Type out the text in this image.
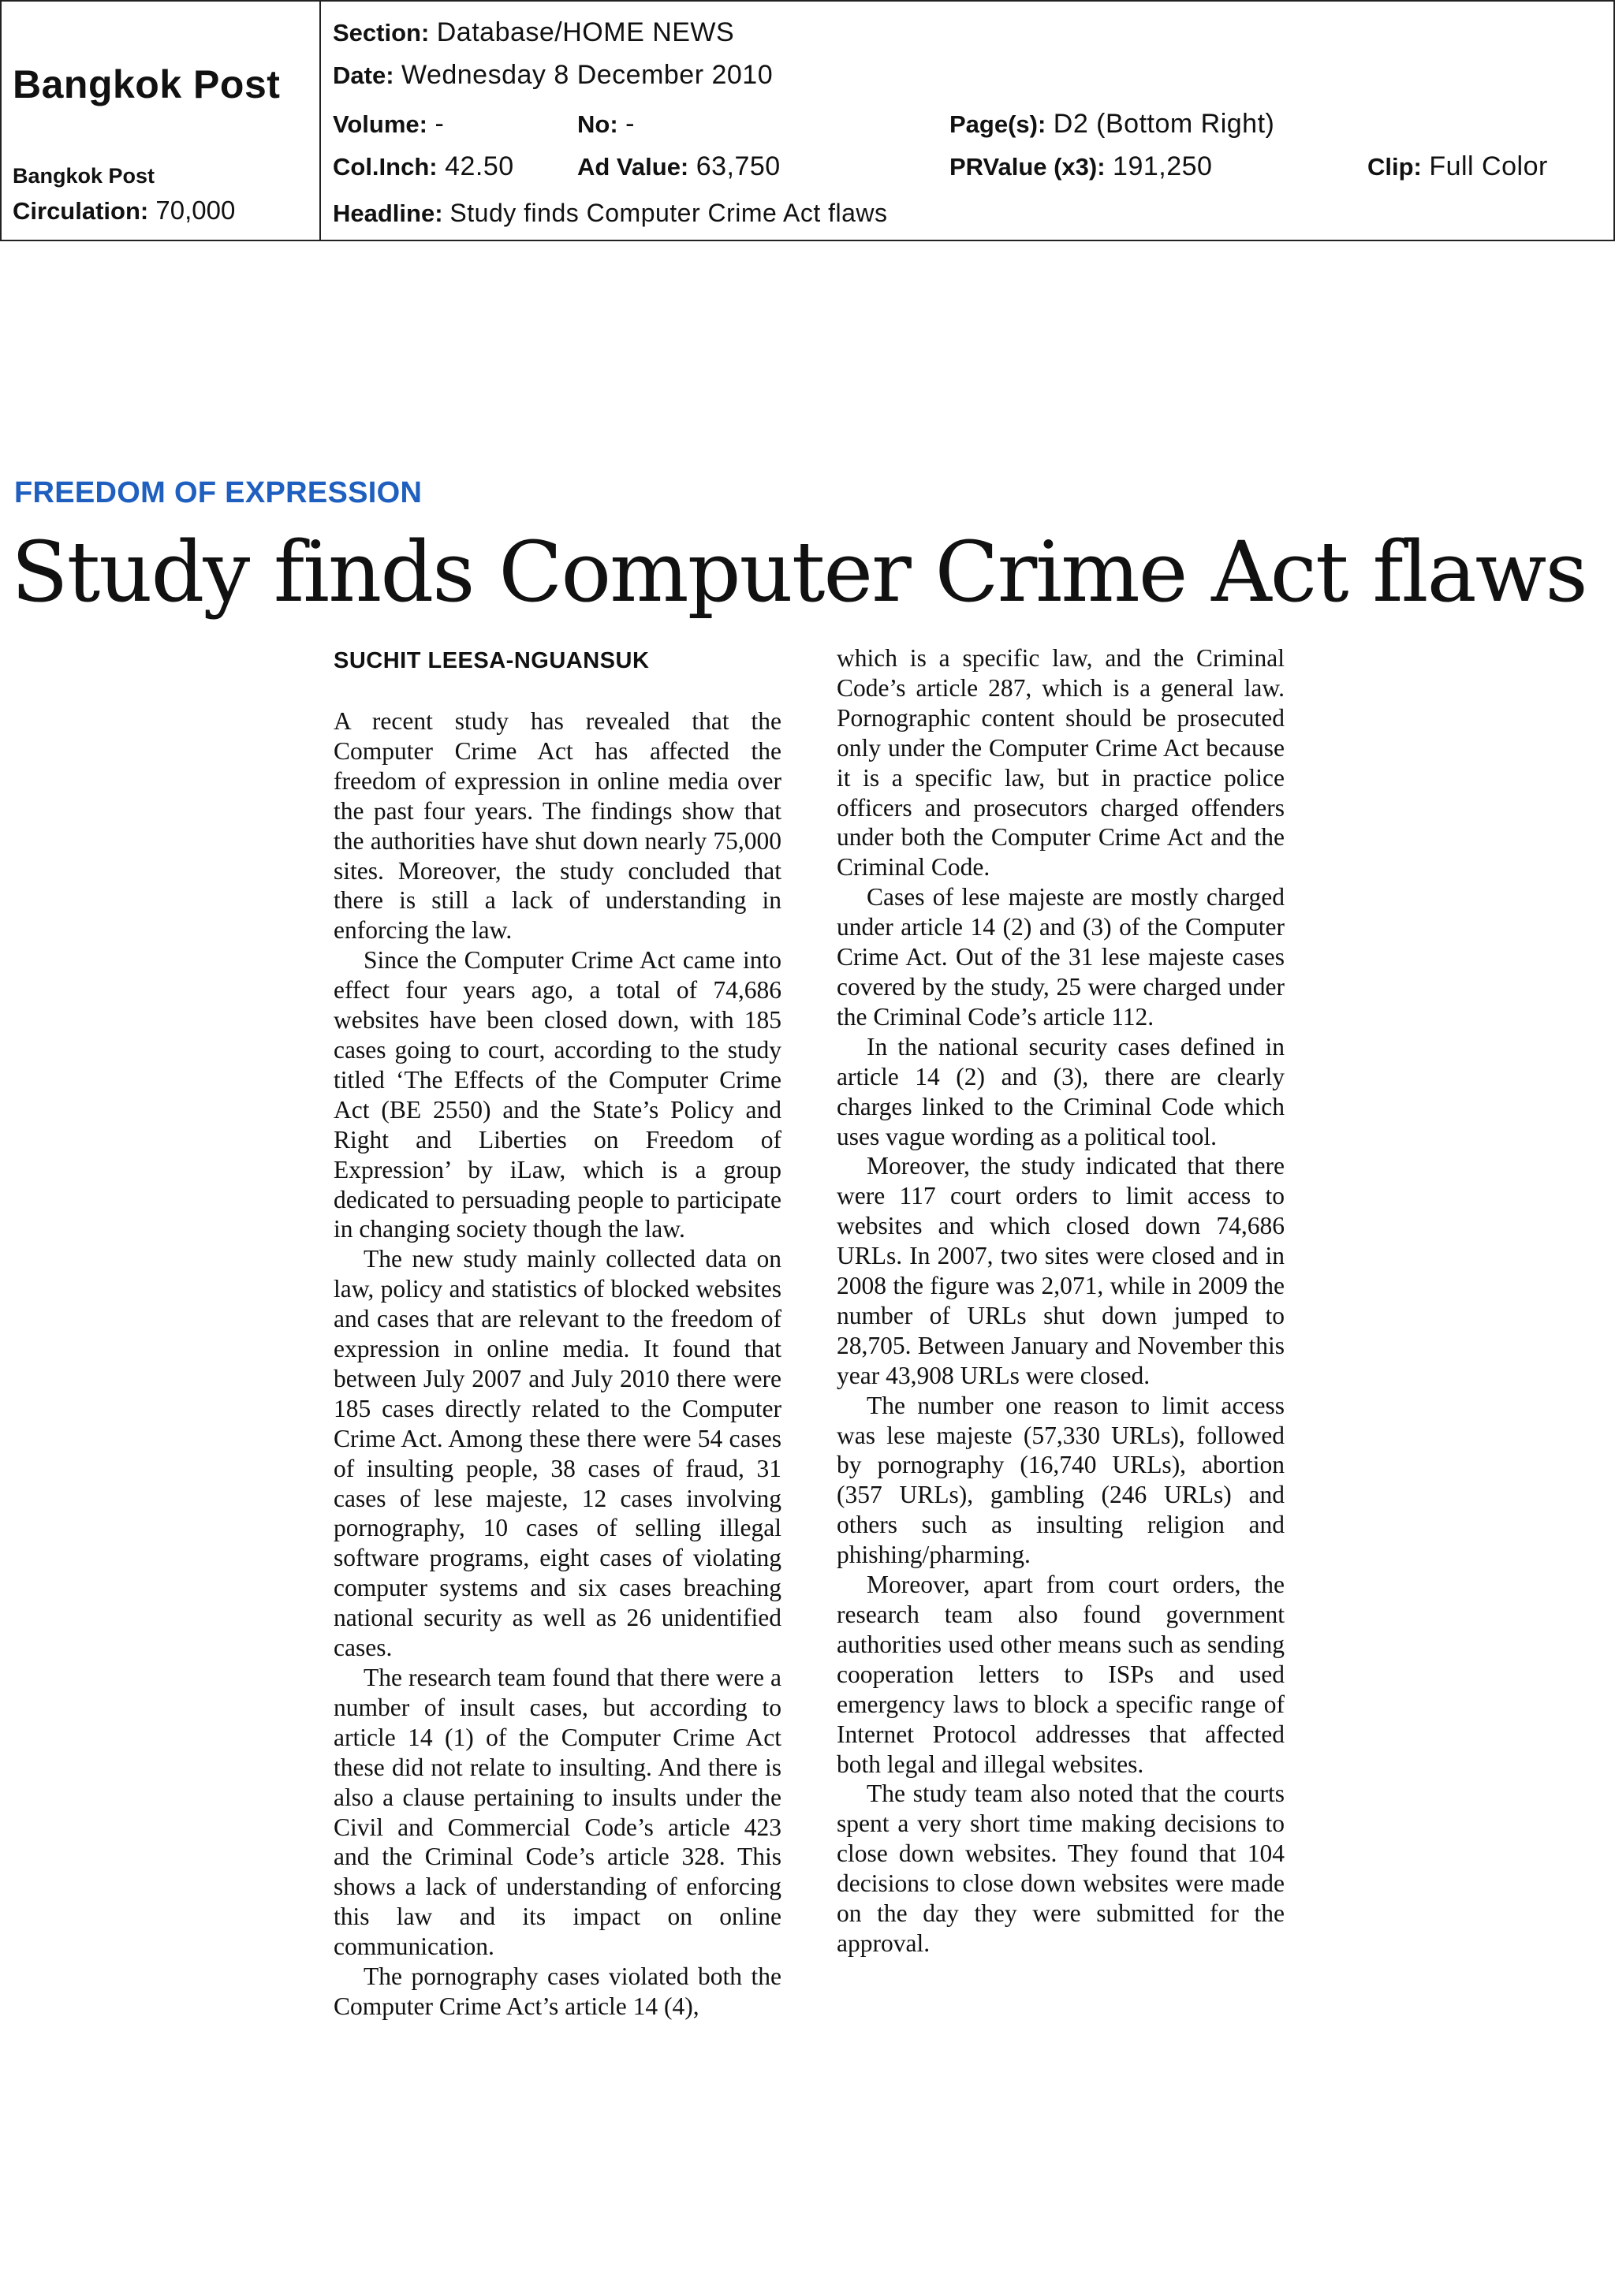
Bangkok Post
Bangkok Post
Circulation: 70,000
Section: Database/HOME NEWS
Date: Wednesday 8 December 2010
Volume: -	No: -	Page(s): D2 (Bottom Right)
Col.Inch: 42.50	Ad Value: 63,750	PRValue (x3): 191,250	Clip: Full Color
Headline: Study finds Computer Crime Act flaws
FREEDOM OF EXPRESSION
Study finds Computer Crime Act flaws
SUCHIT LEESA-NGUANSUK

A recent study has revealed that the Computer Crime Act has affected the freedom of expression in online media over the past four years. The findings show that the authorities have shut down nearly 75,000 sites. Moreover, the study concluded that there is still a lack of understanding in enforcing the law.

Since the Computer Crime Act came into effect four years ago, a total of 74,686 websites have been closed down, with 185 cases going to court, according to the study titled ‘The Effects of the Computer Crime Act (BE 2550) and the State’s Policy and Right and Liberties on Freedom of Expression’ by iLaw, which is a group dedicated to persuading people to participate in changing society though the law.

The new study mainly collected data on law, policy and statistics of blocked websites and cases that are relevant to the freedom of expression in online media. It found that between July 2007 and July 2010 there were 185 cases directly related to the Computer Crime Act. Among these there were 54 cases of insulting people, 38 cases of fraud, 31 cases of lese majeste, 12 cases involving pornography, 10 cases of selling illegal software programs, eight cases of violating computer systems and six cases breaching national security as well as 26 unidentified cases.

The research team found that there were a number of insult cases, but according to article 14 (1) of the Computer Crime Act these did not relate to insulting. And there is also a clause pertaining to insults under the Civil and Commercial Code’s article 423 and the Criminal Code’s article 328. This shows a lack of understanding of enforcing this law and its impact on online communication.

The pornography cases violated both the Computer Crime Act’s article 14 (4),

which is a specific law, and the Criminal Code’s article 287, which is a general law. Pornographic content should be prosecuted only under the Computer Crime Act because it is a specific law, but in practice police officers and prosecutors charged offenders under both the Computer Crime Act and the Criminal Code.

Cases of lese majeste are mostly charged under article 14 (2) and (3) of the Computer Crime Act. Out of the 31 lese majeste cases covered by the study, 25 were charged under the Criminal Code’s article 112.

In the national security cases defined in article 14 (2) and (3), there are clearly charges linked to the Criminal Code which uses vague wording as a political tool.

Moreover, the study indicated that there were 117 court orders to limit access to websites and which closed down 74,686 URLs. In 2007, two sites were closed and in 2008 the figure was 2,071, while in 2009 the number of URLs shut down jumped to 28,705. Between January and November this year 43,908 URLs were closed.

The number one reason to limit access was lese majeste (57,330 URLs), followed by pornography (16,740 URLs), abortion (357 URLs), gambling (246 URLs) and others such as insulting religion and phishing/pharming.

Moreover, apart from court orders, the research team also found government authorities used other means such as sending cooperation letters to ISPs and used emergency laws to block a specific range of Internet Protocol addresses that affected both legal and illegal websites.

The study team also noted that the courts spent a very short time making decisions to close down websites. They found that 104 decisions to close down websites were made on the day they were submitted for the approval.
